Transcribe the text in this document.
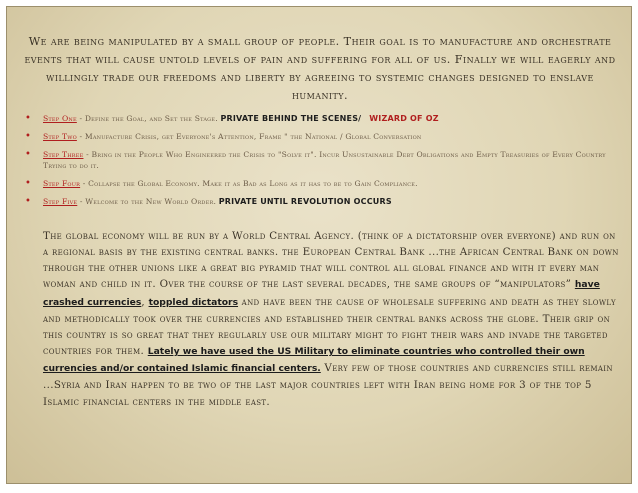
We are being manipulated by a small group of people. Their goal is to manufacture and orchestrate events that will cause untold levels of pain and suffering for all of us. Finally we will eagerly and willingly trade our freedoms and liberty by agreeing to systemic changes designed to enslave humanity.
• Step One - Define the Goal, and Set the Stage. PRIVATE BEHIND THE SCENES/ WIZARD OF OZ
• Step Two - Manufacture Crisis, get Everyone's Attention, Frame " the National / Global Conversation
• Step Three - Bring in the People Who Engineered the Crisis to "Solve it". Incur Unsustainable Debt Obligations and Empty Treasuries of Every Country Trying to do it.
• Step Four - Collapse the Global Economy. Make it as Bad as Long as it has to be to Gain Compliance.
• Step Five - Welcome to the New World Order. PRIVATE UNTIL REVOLUTION OCCURS
The global economy will be run by a World Central Agency. (think of a dictatorship over everyone) and run on a regional basis by the existing central banks. the European Central Bank ...the African Central Bank on down through the other unions like a great big pyramid that will control all global finance and with it every man woman and child in it. Over the course of the last several decades, the same groups of “manipulators” have crashed currencies, toppled dictators and have been the cause of wholesale suffering and death as they slowly and methodically took over the currencies and established their central banks across the globe. Their grip on this country is so great that they regularly use our military might to fight their wars and invade the targeted countries for them. Lately we have used the US Military to eliminate countries who controlled their own currencies and/or contained Islamic financial centers. Very few of those countries and currencies still remain ...Syria and Iran happen to be two of the last major countries left with Iran being home for 3 of the top 5 Islamic financial centers in the middle east.
